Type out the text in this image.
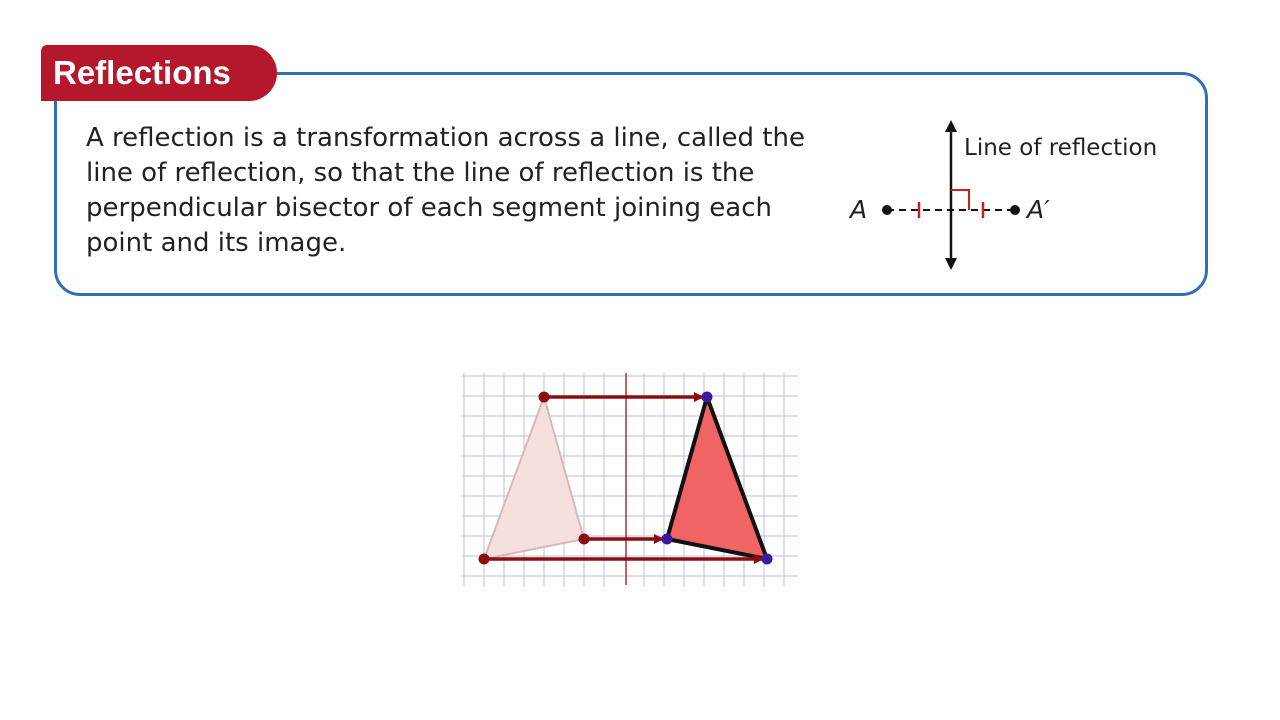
Reflections
A reflection is a transformation across a line, called the line of reflection, so that the line of reflection is the perpendicular bisector of each segment joining each point and its image.
Line of reflection
A	A′
